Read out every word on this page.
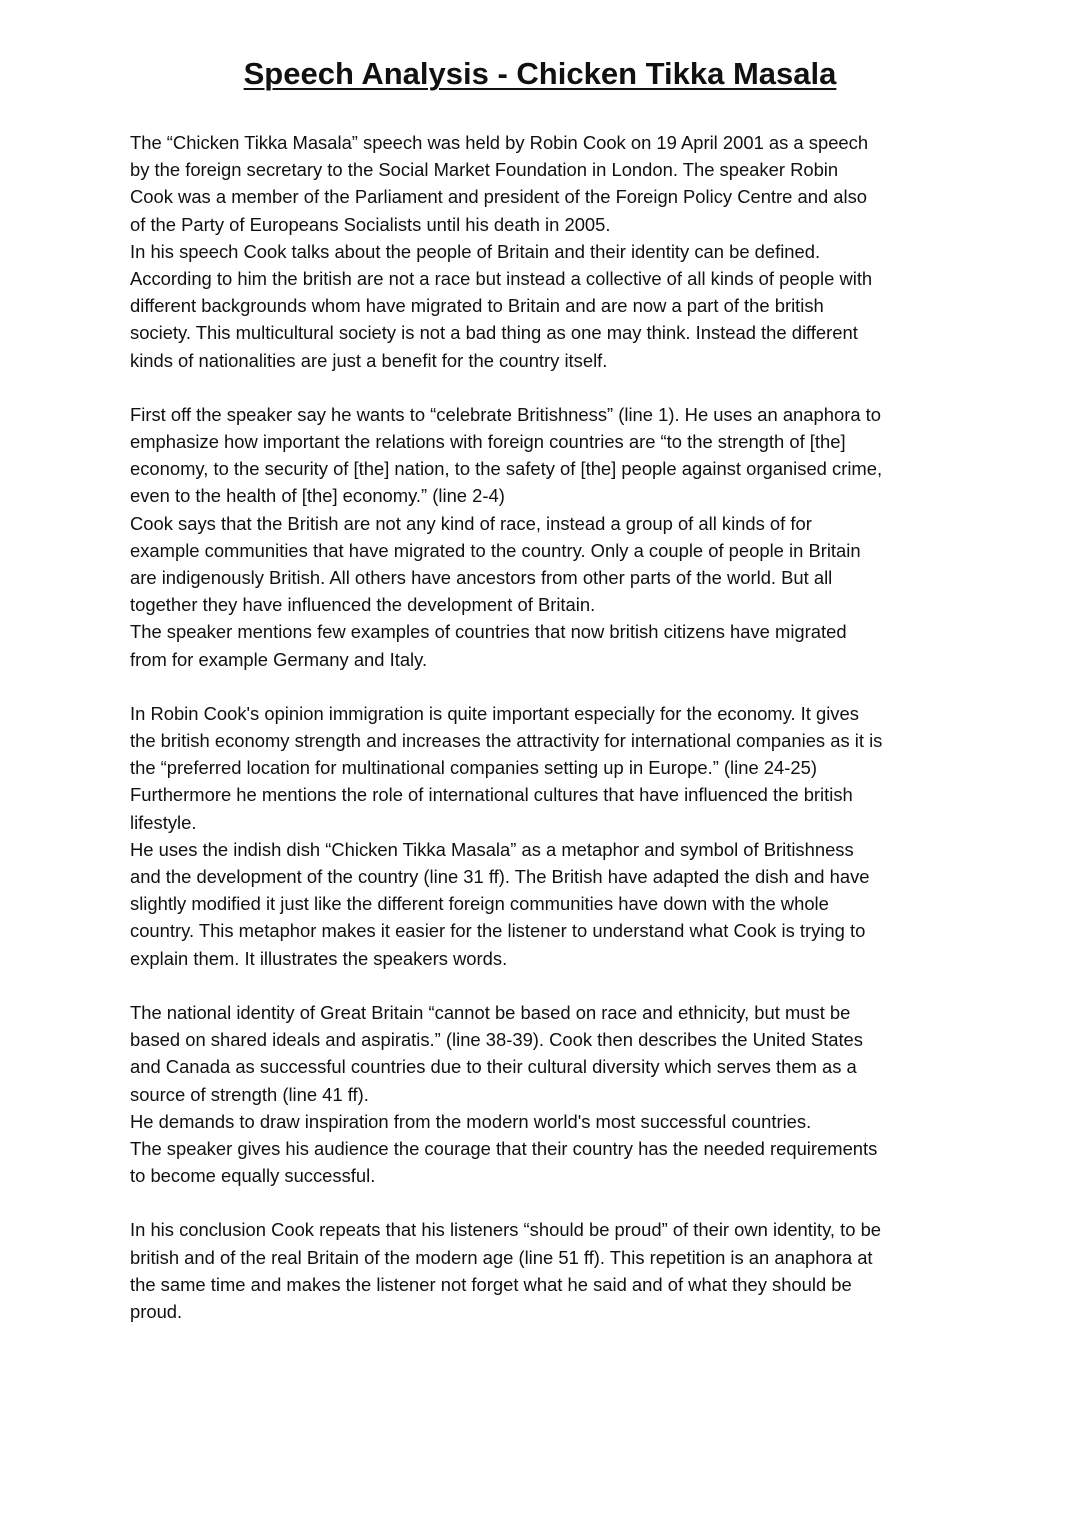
Speech Analysis - Chicken Tikka Masala

The “Chicken Tikka Masala” speech was held by Robin Cook on 19 April 2001 as a speech

by the foreign secretary to the Social Market Foundation in London. The speaker Robin

Cook was a member of the Parliament and president of the Foreign Policy Centre and also

of the Party of Europeans Socialists until his death in 2005.

In his speech Cook talks about the people of Britain and their identity can be defined.

According to him the british are not a race but instead a collective of all kinds of people with

different backgrounds whom have migrated to Britain and are now a part of the british

society. This multicultural society is not a bad thing as one may think. Instead the different

kinds of nationalities are just a benefit for the country itself.

First off the speaker say he wants to “celebrate Britishness” (line 1). He uses an anaphora to

emphasize how important the relations with foreign countries are “to the strength of [the]

economy, to the security of [the] nation, to the safety of [the] people against organised crime,

even to the health of [the] economy.” (line 2-4)

Cook says that the British are not any kind of race, instead a group of all kinds of for

example communities that have migrated to the country. Only a couple of people in Britain

are indigenously British. All others have ancestors from other parts of the world. But all

together they have influenced the development of Britain.

The speaker mentions few examples of countries that now british citizens have migrated

from for example Germany and Italy.

In Robin Cook's opinion immigration is quite important especially for the economy. It gives

the british economy strength and increases the attractivity for international companies as it is

the “preferred location for multinational companies setting up in Europe.” (line 24-25)

Furthermore he mentions the role of international cultures that have influenced the british

lifestyle.

He uses the indish dish “Chicken Tikka Masala” as a metaphor and symbol of Britishness

and the development of the country (line 31 ff). The British have adapted the dish and have

slightly modified it just like the different foreign communities have down with the whole

country. This metaphor makes it easier for the listener to understand what Cook is trying to

explain them. It illustrates the speakers words.

The national identity of Great Britain “cannot be based on race and ethnicity, but must be

based on shared ideals and aspiratis.” (line 38-39). Cook then describes the United States

and Canada as successful countries due to their cultural diversity which serves them as a

source of strength (line 41 ff).

He demands to draw inspiration from the modern world's most successful countries.

The speaker gives his audience the courage that their country has the needed requirements

to become equally successful.

In his conclusion Cook repeats that his listeners “should be proud” of their own identity, to be

british and of the real Britain of the modern age (line 51 ff). This repetition is an anaphora at

the same time and makes the listener not forget what he said and of what they should be

proud.
